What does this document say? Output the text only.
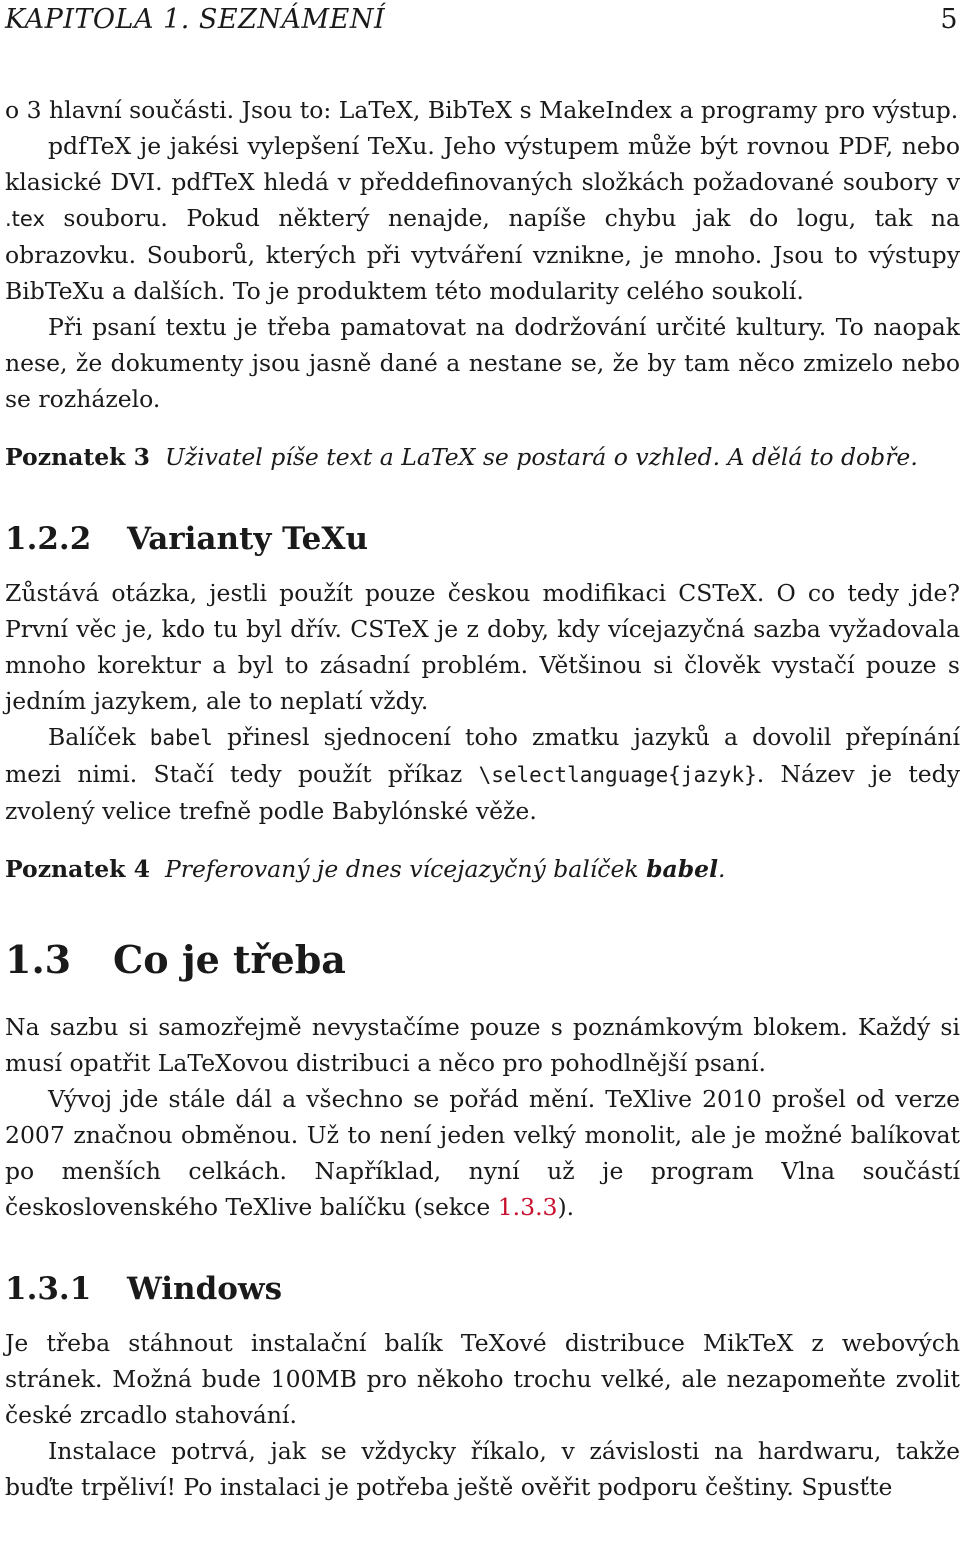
KAPITOLA 1. SEZNÁMENÍ	5

o 3 hlavní součásti. Jsou to: LaTeX, BibTeX s MakeIndex a programy pro výstup.

pdfTeX je jakési vylepšení TeXu. Jeho výstupem může být rovnou PDF, nebo klasické DVI. pdfTeX hledá v předdefinovaných složkách požadované soubory v .tex souboru. Pokud některý nenajde, napíše chybu jak do logu, tak na obrazovku. Souborů, kterých při vytváření vznikne, je mnoho. Jsou to výstupy BibTeXu a dalších. To je produktem této modularity celého soukolí.

Při psaní textu je třeba pamatovat na dodržování určité kultury. To naopak nese, že dokumenty jsou jasně dané a nestane se, že by tam něco zmizelo nebo se rozházelo.

Poznatek 3 Uživatel píše text a LaTeX se postará o vzhled. A dělá to dobře.

1.2.2 Varianty TeXu

Zůstává otázka, jestli použít pouze českou modifikaci CSTeX. O co tedy jde? První věc je, kdo tu byl dřív. CSTeX je z doby, kdy vícejazyčná sazba vyžadovala mnoho korektur a byl to zásadní problém. Většinou si člověk vystačí pouze s jedním jazykem, ale to neplatí vždy.

Balíček babel přinesl sjednocení toho zmatku jazyků a dovolil přepínání mezi nimi. Stačí tedy použít příkaz \selectlanguage{jazyk}. Název je tedy zvolený velice trefně podle Babylónské věže.

Poznatek 4 Preferovaný je dnes vícejazyčný balíček babel.

1.3 Co je třeba

Na sazbu si samozřejmě nevystačíme pouze s poznámkovým blokem. Každý si musí opatřit LaTeXovou distribuci a něco pro pohodlnější psaní.

Vývoj jde stále dál a všechno se pořád mění. TeXlive 2010 prošel od verze 2007 značnou obměnou. Už to není jeden velký monolit, ale je možné balíkovat po menších celkách. Například, nyní už je program Vlna součástí československého TeXlive balíčku (sekce 1.3.3).

1.3.1 Windows

Je třeba stáhnout instalační balík TeXové distribuce MikTeX z webových stránek. Možná bude 100MB pro někoho trochu velké, ale nezapomeňte zvolit české zrcadlo stahování.

Instalace potrvá, jak se vždycky říkalo, v závislosti na hardwaru, takže buďte trpěliví! Po instalaci je potřeba ještě ověřit podporu češtiny. Spusťte
